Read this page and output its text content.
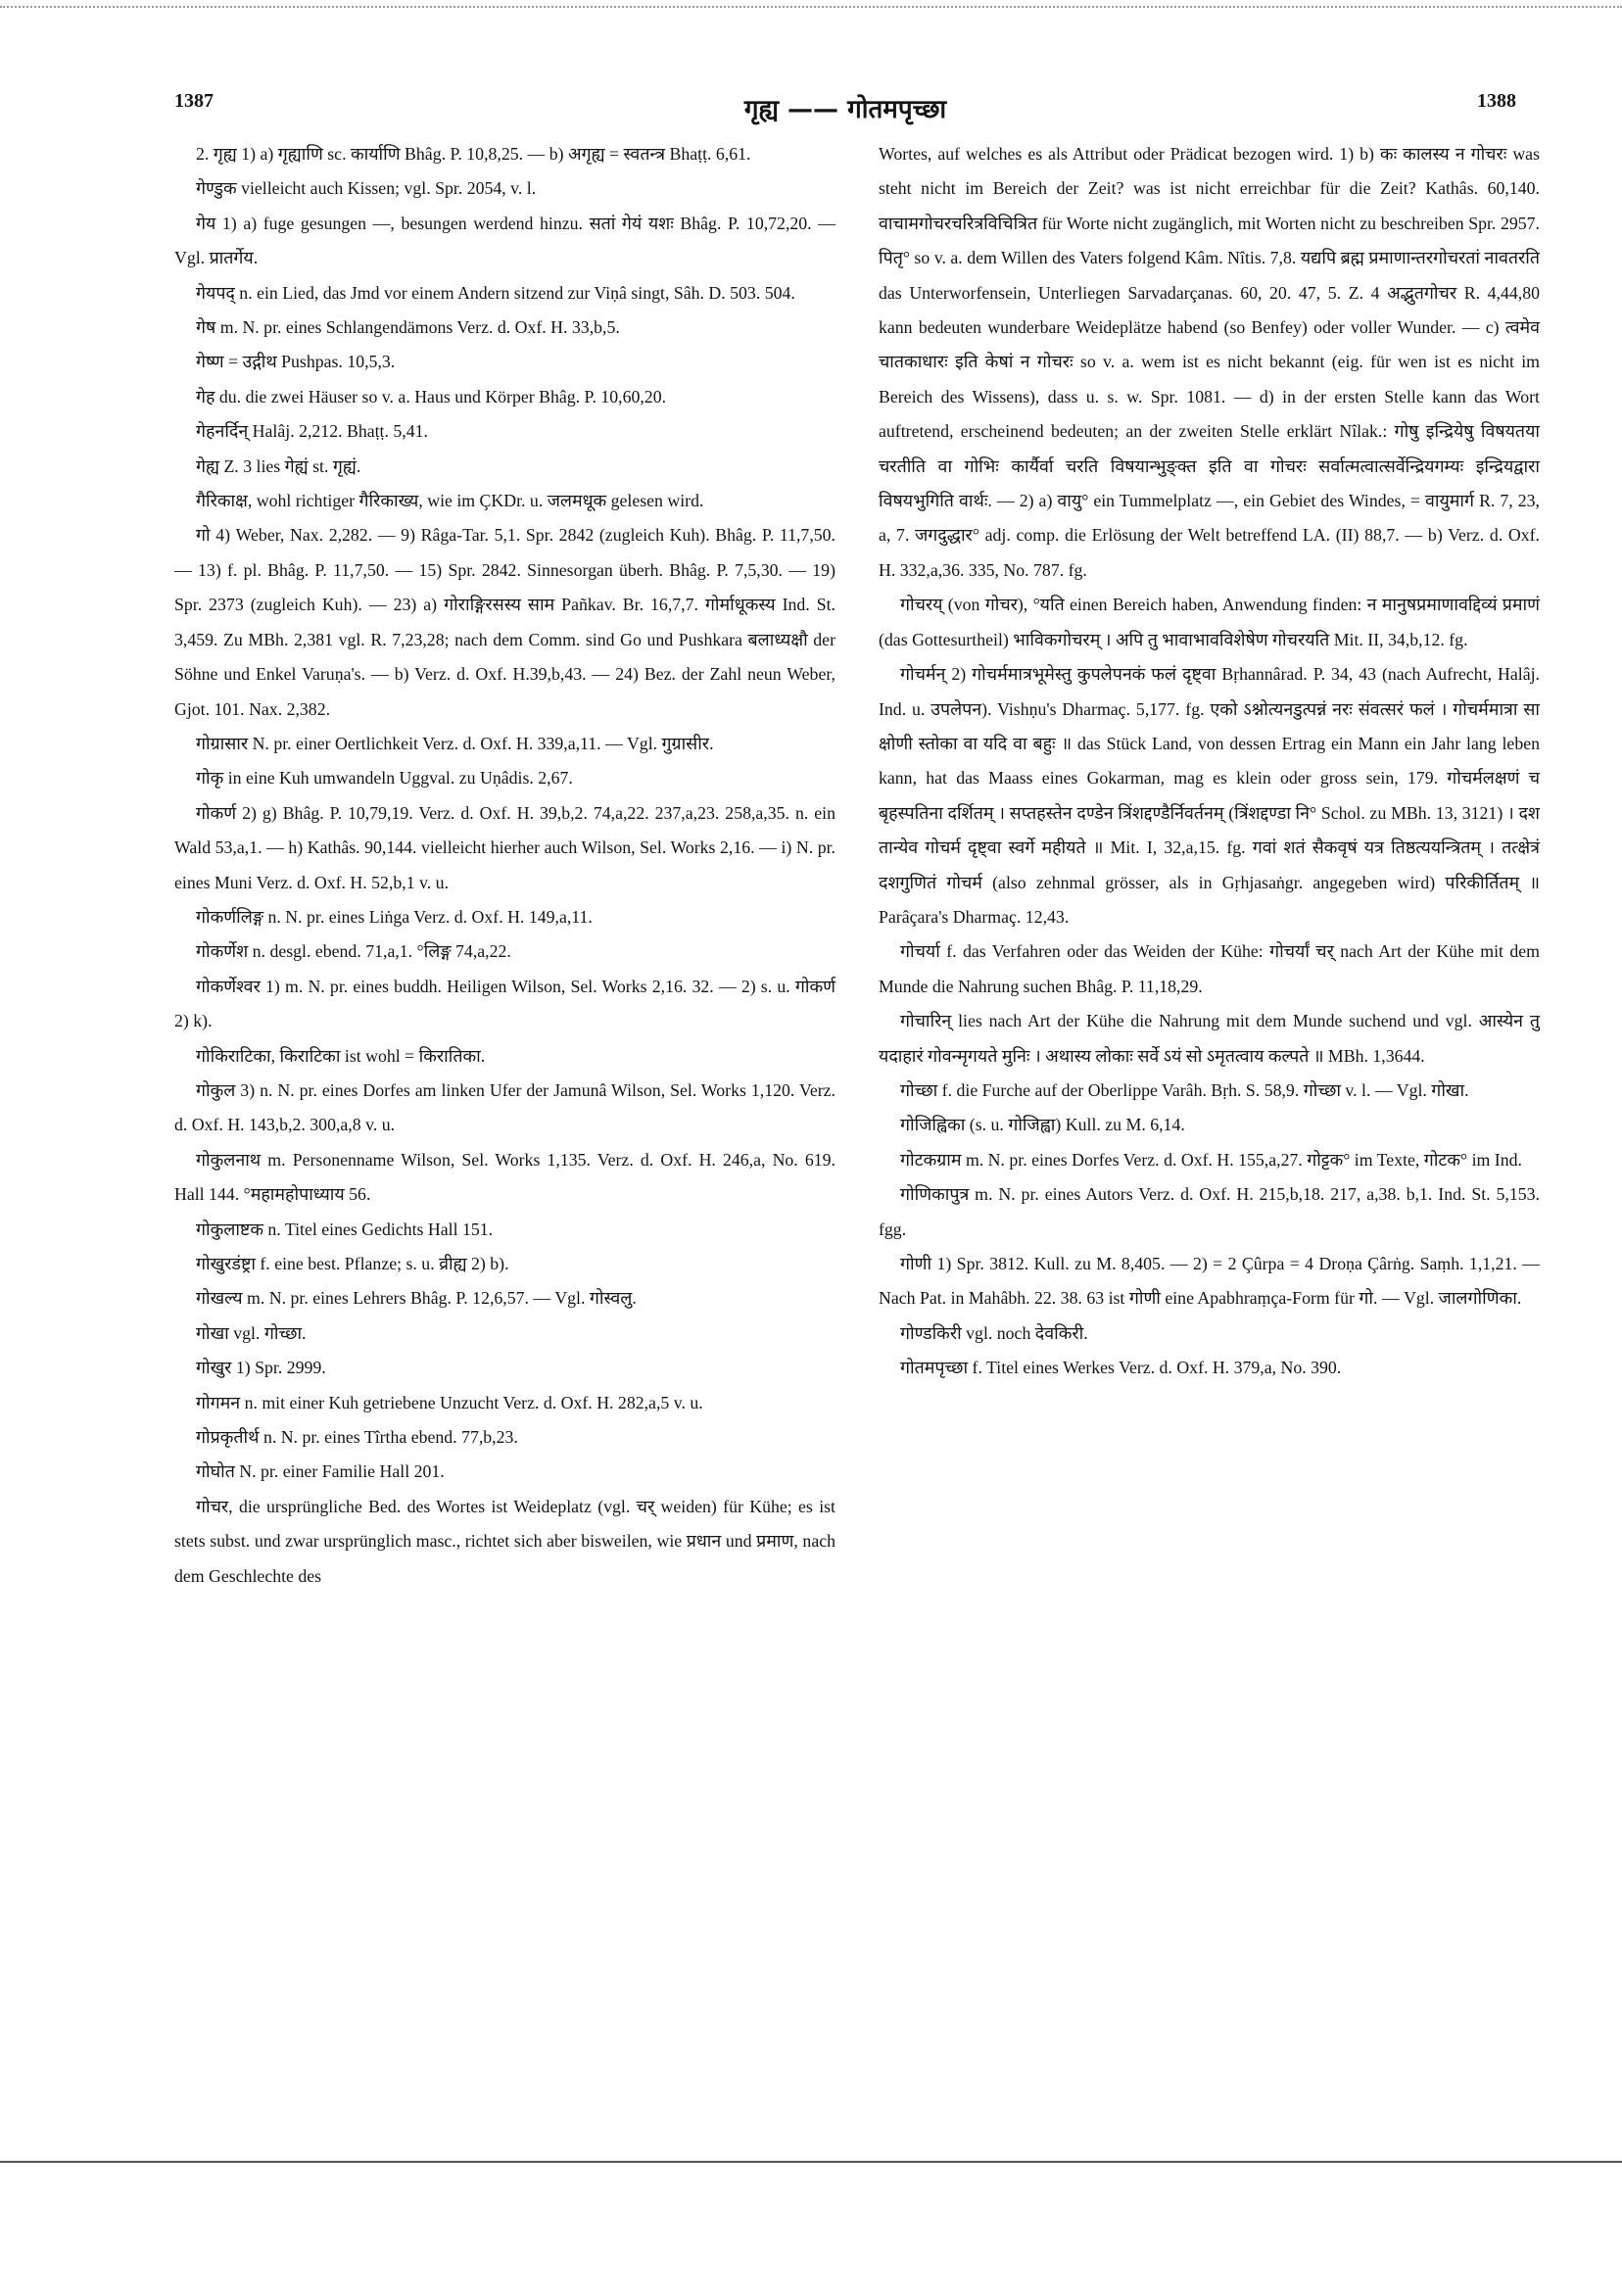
1387	गृह्य —— गोतमपृच्छा	1388

2. गृह्य 1) a) गृह्याणि sc. कार्याणि Bhâg. P. 10,8,25. — b) अगृह्य = स्वतन्त्र Bhaṭṭ. 6,61.

गेण्डुक vielleicht auch Kissen; vgl. Spr. 2054, v. l.

गेय 1) a) fuge gesungen —, besungen werdend hinzu. सतां गेयं यशः Bhâg. P. 10,72,20. — Vgl. प्रातर्गेय.

गेयपद् n. ein Lied, das Jmd vor einem Andern sitzend zur Viṇâ singt, Sâh. D. 503. 504.

गेष m. N. pr. eines Schlangendämons Verz. d. Oxf. H. 33,b,5.

गेष्ण = उद्गीथ Pushpas. 10,5,3.

गेह du. die zwei Häuser so v. a. Haus und Körper Bhâg. P. 10,60,20.

गेहनर्दिन् Halâj. 2,212. Bhaṭṭ. 5,41.

गेह्य Z. 3 lies गेह्यं st. गृह्यं.

गैरिकाक्ष, wohl richtiger गैरिकाख्य, wie im ÇKDr. u. जलमधूक gelesen wird.

गो 4) Weber, Nax. 2,282. — 9) Râga-Tar. 5,1. Spr. 2842 (zugleich Kuh). Bhâg. P. 11,7,50. — 13) f. pl. Bhâg. P. 11,7,50. — 15) Spr. 2842. Sinnesorgan überh. Bhâg. P. 7,5,30. — 19) Spr. 2373 (zugleich Kuh). — 23) a) गोराङ्गिरसस्य साम Pañkav. Br. 16,7,7. गोर्माधूकस्य Ind. St. 3,459. Zu MBh. 2,381 vgl. R. 7,23,28; nach dem Comm. sind Go und Pushkara बलाध्यक्षौ der Söhne und Enkel Varuṇa's. — b) Verz. d. Oxf. H.39,b,43. — 24) Bez. der Zahl neun Weber, Gjot. 101. Nax. 2,382.

गोग्रासार N. pr. einer Oertlichkeit Verz. d. Oxf. H. 339,a,11. — Vgl. गुग्रासीर.

गोकृ in eine Kuh umwandeln Uggval. zu Uṇâdis. 2,67.

गोकर्ण 2) g) Bhâg. P. 10,79,19. Verz. d. Oxf. H. 39,b,2. 74,a,22. 237,a,23. 258,a,35. n. ein Wald 53,a,1. — h) Kathâs. 90,144. vielleicht hierher auch Wilson, Sel. Works 2,16. — i) N. pr. eines Muni Verz. d. Oxf. H. 52,b,1 v. u.

गोकर्णलिङ्ग n. N. pr. eines Liṅga Verz. d. Oxf. H. 149,a,11.

गोकर्णेश n. desgl. ebend. 71,a,1. °लिङ्ग 74,a,22.

गोकर्णेश्वर 1) m. N. pr. eines buddh. Heiligen Wilson, Sel. Works 2,16. 32. — 2) s. u. गोकर्ण 2) k).

गोकिराटिका, किराटिका ist wohl = किरातिका.

गोकुल 3) n. N. pr. eines Dorfes am linken Ufer der Jamunâ Wilson, Sel. Works 1,120. Verz. d. Oxf. H. 143,b,2. 300,a,8 v. u.

गोकुलनाथ m. Personenname Wilson, Sel. Works 1,135. Verz. d. Oxf. H. 246,a, No. 619. Hall 144. °महामहोपाध्याय 56.

गोकुलाष्टक n. Titel eines Gedichts Hall 151.

गोखुरडंष्ट्रा f. eine best. Pflanze; s. u. व्रीह्य 2) b).

गोखल्य m. N. pr. eines Lehrers Bhâg. P. 12,6,57. — Vgl. गोस्वलु.

गोखा vgl. गोच्छा.

गोखुर 1) Spr. 2999.

गोगमन n. mit einer Kuh getriebene Unzucht Verz. d. Oxf. H. 282,a,5 v. u.

गोप्रकृतीर्थ n. N. pr. eines Tîrtha ebend. 77,b,23.

गोघोत N. pr. einer Familie Hall 201.

गोचर, die ursprüngliche Bed. des Wortes ist Weideplatz (vgl. चर् weiden) für Kühe; es ist stets subst. und zwar ursprünglich masc., richtet sich aber bisweilen, wie प्रधान und प्रमाण, nach dem Geschlechte des

Wortes, auf welches es als Attribut oder Prädicat bezogen wird. 1) b) कः कालस्य न गोचरः was steht nicht im Bereich der Zeit? was ist nicht erreichbar für die Zeit? Kathâs. 60,140. वाचामगोचरचरित्रविचित्रित für Worte nicht zugänglich, mit Worten nicht zu beschreiben Spr. 2957. पितृ° so v. a. dem Willen des Vaters folgend Kâm. Nîtis. 7,8. यद्यपि ब्रह्म प्रमाणान्तरगोचरतां नावतरति das Unterworfensein, Unterliegen Sarvadarçanas. 60, 20. 47, 5. Z. 4 अद्भुतगोचर R. 4,44,80 kann bedeuten wunderbare Weideplätze habend (so Benfey) oder voller Wunder. — c) त्वमेव चातकाधारः इति केषां न गोचरः so v. a. wem ist es nicht bekannt (eig. für wen ist es nicht im Bereich des Wissens), dass u. s. w. Spr. 1081. — d) in der ersten Stelle kann das Wort auftretend, erscheinend bedeuten; an der zweiten Stelle erklärt Nîlak.: गोषु इन्द्रियेषु विषयतया चरतीति वा गोभिः कार्यैर्वा चरति विषयान्भुङ्क्त इति वा गोचरः सर्वात्मत्वात्सर्वेन्द्रियगम्यः इन्द्रियद्वारा विषयभुगिति वार्थः. — 2) a) वायु° ein Tummelplatz —, ein Gebiet des Windes, = वायुमार्ग R. 7, 23, a, 7. जगदुद्धार° adj. comp. die Erlösung der Welt betreffend LA. (II) 88,7. — b) Verz. d. Oxf. H. 332,a,36. 335, No. 787. fg.

गोचरय् (von गोचर), °यति einen Bereich haben, Anwendung finden: न मानुषप्रमाणावद्दिव्यं प्रमाणं (das Gottesurtheil) भाविकगोचरम् । अपि तु भावाभावविशेषेण गोचरयति Mit. II, 34,b,12. fg.

गोचर्मन् 2) गोचर्ममात्रभूमेस्तु कुपलेपनकं फलं दृष्ट्वा Bṛhannârad. P. 34, 43 (nach Aufrecht, Halâj. Ind. u. उपलेपन). Vishṇu's Dharmaç. 5,177. fg. एको ऽश्नोत्यनडुत्पन्नं नरः संवत्सरं फलं । गोचर्ममात्रा सा क्षोणी स्तोका वा यदि वा बहुः ॥ das Stück Land, von dessen Ertrag ein Mann ein Jahr lang leben kann, hat das Maass eines Gokarman, mag es klein oder gross sein, 179. गोचर्मलक्षणं च बृहस्पतिना दर्शितम् । सप्तहस्तेन दण्डेन त्रिंशद्दण्डैर्निवर्तनम् (त्रिंशद्दण्डा नि° Schol. zu MBh. 13, 3121) । दश तान्येव गोचर्म दृष्ट्वा स्वर्गे महीयते ॥ Mit. I, 32,a,15. fg. गवां शतं सैकवृषं यत्र तिष्ठत्ययन्त्रितम् । तत्क्षेत्रं दशगुणितं गोचर्म (also zehnmal grösser, als in Gṛhjasaṅgr. angegeben wird) परिकीर्तितम् ॥ Parâçara's Dharmaç. 12,43.

गोचर्या f. das Verfahren oder das Weiden der Kühe: गोचर्यां चर् nach Art der Kühe mit dem Munde die Nahrung suchen Bhâg. P. 11,18,29.

गोचारिन् lies nach Art der Kühe die Nahrung mit dem Munde suchend und vgl. आस्येन तु यदाहारं गोवन्मृगयते मुनिः । अथास्य लोकाः सर्वे ऽयं सो ऽमृतत्वाय कल्पते ॥ MBh. 1,3644.

गोच्छा f. die Furche auf der Oberlippe Varâh. Bṛh. S. 58,9. गोच्छा v. l. — Vgl. गोखा.

गोजिह्विका (s. u. गोजिह्वा) Kull. zu M. 6,14.

गोटकग्राम m. N. pr. eines Dorfes Verz. d. Oxf. H. 155,a,27. गोट्टक° im Texte, गोटक° im Ind.

गोणिकापुत्र m. N. pr. eines Autors Verz. d. Oxf. H. 215,b,18. 217, a,38. b,1. Ind. St. 5,153. fgg.

गोणी 1) Spr. 3812. Kull. zu M. 8,405. — 2) = 2 Çûrpa = 4 Droṇa Çârṅg. Saṃh. 1,1,21. — Nach Pat. in Mahâbh. 22. 38. 63 ist गोणी eine Apabhraṃça-Form für गो. — Vgl. जालगोणिका.

गोण्डकिरी vgl. noch देवकिरी.

गोतमपृच्छा f. Titel eines Werkes Verz. d. Oxf. H. 379,a, No. 390.
